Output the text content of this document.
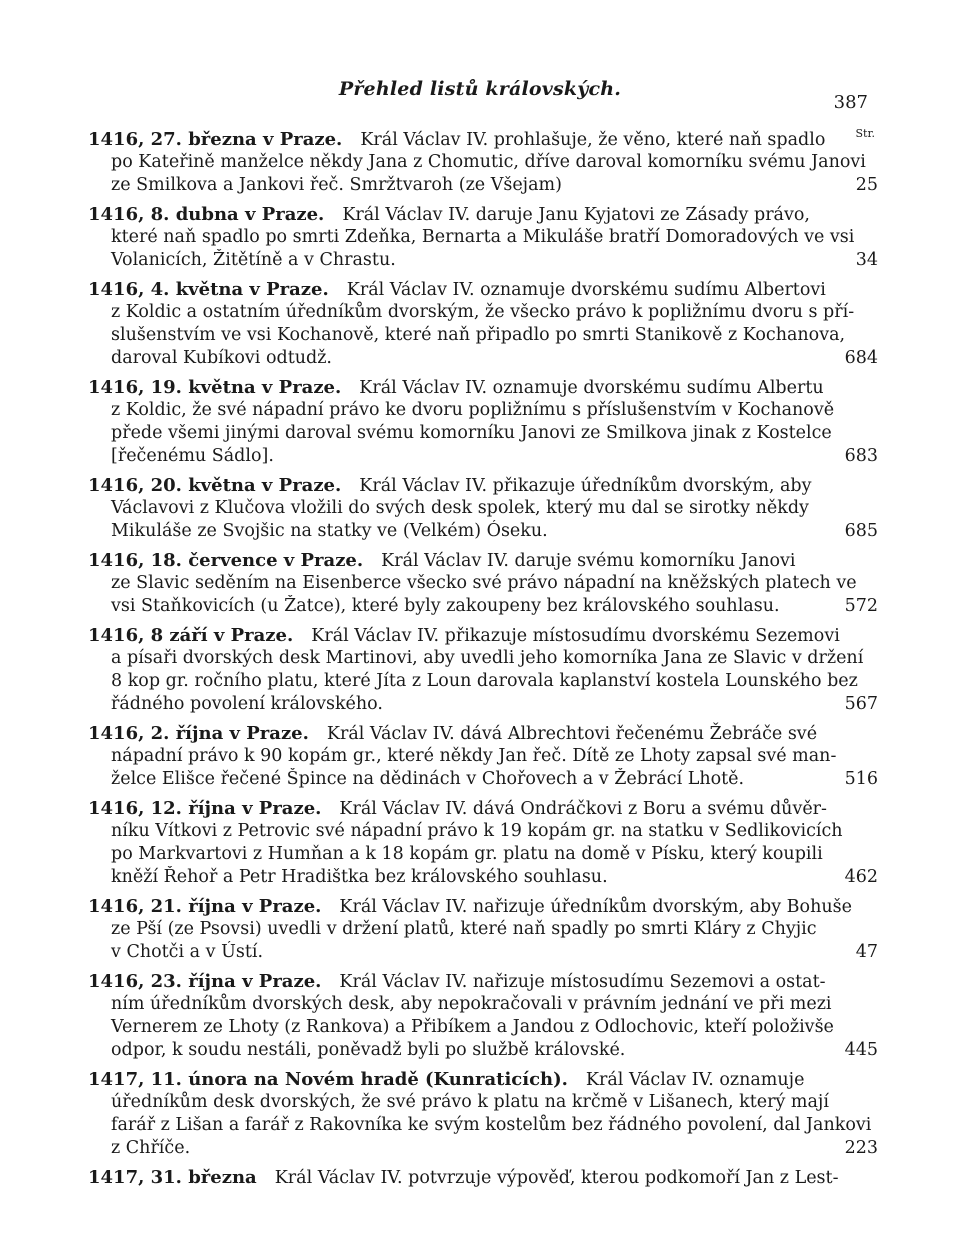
Přehled listů královských.
387
Str.
1416, 27. března v Praze. Král Václav IV. prohlašuje, že věno, které naň spadlo
po Kateřině manželce někdy Jana z Chomutic, dříve daroval komorníku svému Janovi
ze Smilkova a Jankovi řeč. Smržtvaroh (ze Všejam)	25
1416, 8. dubna v Praze. Král Václav IV. daruje Janu Kyjatovi ze Zásady právo,
které naň spadlo po smrti Zdeňka, Bernarta a Mikuláše bratří Domoradových ve vsi
Volanicích, Žitětíně a v Chrastu.	34
1416, 4. května v Praze. Král Václav IV. oznamuje dvorskému sudímu Albertovi
z Koldic a ostatním úředníkům dvorským, že všecko právo k popližnímu dvoru s pří-
slušenstvím ve vsi Kochanově, které naň připadlo po smrti Stanikově z Kochanova,
daroval Kubíkovi odtudž.	684
1416, 19. května v Praze. Král Václav IV. oznamuje dvorskému sudímu Albertu
z Koldic, že své nápadní právo ke dvoru popližnímu s příslušenstvím v Kochanově
přede všemi jinými daroval svému komorníku Janovi ze Smilkova jinak z Kostelce
[řečenému Sádlo].	683
1416, 20. května v Praze. Král Václav IV. přikazuje úředníkům dvorským, aby
Václavovi z Klučova vložili do svých desk spolek, který mu dal se sirotky někdy
Mikuláše ze Svojšic na statky ve (Velkém) Óseku.	685
1416, 18. července v Praze. Král Václav IV. daruje svému komorníku Janovi
ze Slavic seděním na Eisenberce všecko své právo nápadní na kněžských platech ve
vsi Staňkovicích (u Žatce), které byly zakoupeny bez královského souhlasu.	572
1416, 8 září v Praze. Král Václav IV. přikazuje místosudímu dvorskému Sezemovi
a písaři dvorských desk Martinovi, aby uvedli jeho komorníka Jana ze Slavic v držení
8 kop gr. ročního platu, které Jíta z Loun darovala kaplanství kostela Lounského bez
řádného povolení královského.	567
1416, 2. října v Praze. Král Václav IV. dává Albrechtovi řečenému Žebráče své
nápadní právo k 90 kopám gr., které někdy Jan řeč. Dítě ze Lhoty zapsal své man-
želce Elišce řečené Špince na dědinách v Chořovech a v Žebrácí Lhotě.	516
1416, 12. října v Praze. Král Václav IV. dává Ondráčkovi z Boru a svému důvěr-
níku Vítkovi z Petrovic své nápadní právo k 19 kopám gr. na statku v Sedlikovicích
po Markvartovi z Humňan a k 18 kopám gr. platu na domě v Písku, který koupili
kněží Řehoř a Petr Hradištka bez královského souhlasu.	462
1416, 21. října v Praze. Král Václav IV. nařizuje úředníkům dvorským, aby Bohuše
ze Pší (ze Psovsi) uvedli v držení platů, které naň spadly po smrti Kláry z Chyjic
v Chotči a v Ústí.	47
1416, 23. října v Praze. Král Václav IV. nařizuje místosudímu Sezemovi a ostat-
ním úředníkům dvorských desk, aby nepokračovali v právním jednání ve při mezi
Vernerem ze Lhoty (z Rankova) a Přibíkem a Jandou z Odlochovic, kteří položivše
odpor, k soudu nestáli, poněvadž byli po službě královské.	445
1417, 11. února na Novém hradě (Kunraticích). Král Václav IV. oznamuje
úředníkům desk dvorských, že své právo k platu na krčmě v Lišanech, který mají
farář z Lišan a farář z Rakovníka ke svým kostelům bez řádného povolení, dal Jankovi
z Chříče.	223
1417, 31. března Král Václav IV. potvrzuje výpověď, kterou podkomoří Jan z Lest-
